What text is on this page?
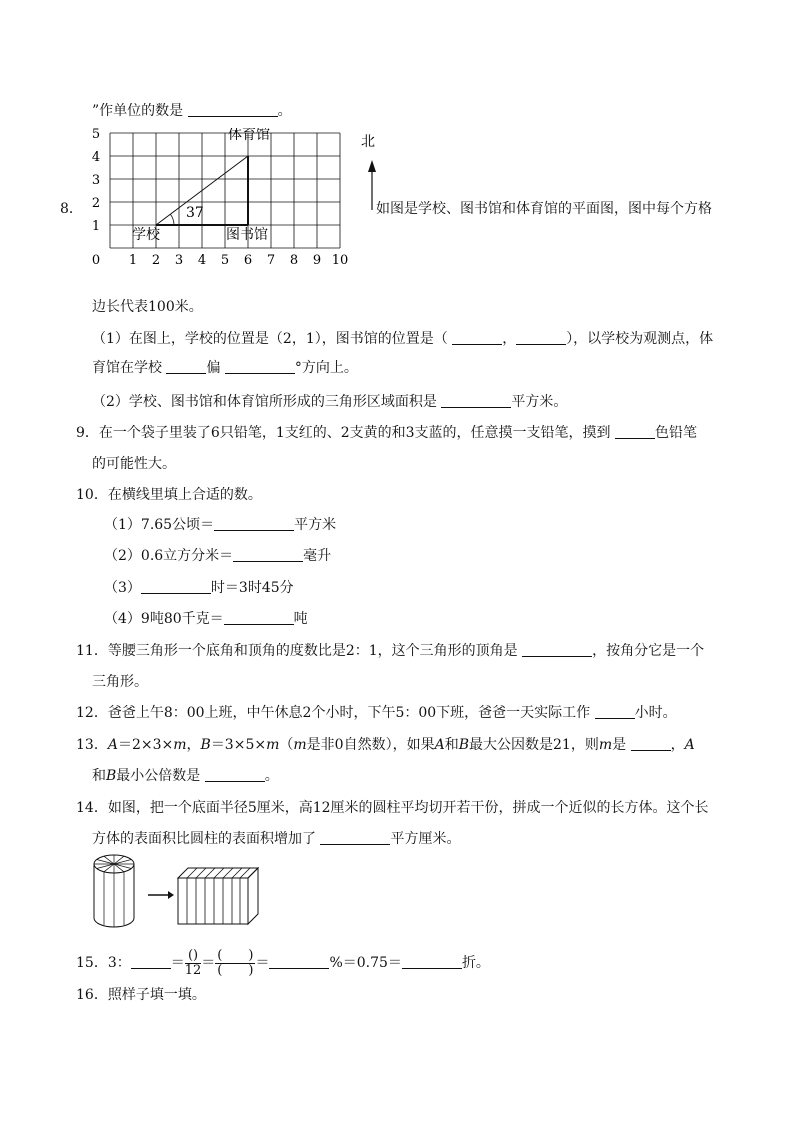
”作单位的数是	。
8．
0 1 2 3 4 5 6 7 8 9 10
1
2
3
4
5
37
学校	图书馆
体育馆	北
如图是学校、图书馆和体育馆的平面图，图中每个方格
边长代表100米。
（1）在图上，学校的位置是（2，1），图书馆的位置是（	，	），以学校为观测点，体
育馆在学校	偏	°方向上。
（2）学校、图书馆和体育馆所形成的三角形区域面积是	平方米。
9．在一个袋子里装了6只铅笔，1支红的、2支黄的和3支蓝的，任意摸一支铅笔，摸到	色铅笔
的可能性大。
10．在横线里填上合适的数。
（1）7.65公顷＝	平方米
（2）0.6立方分米＝	毫升
（3）	时＝3时45分
（4）9吨80千克＝	吨
11．等腰三角形一个底角和顶角的度数比是2：1，这个三角形的顶角是	，按角分它是一个
三角形。
12．爸爸上午8：00上班，中午休息2个小时，下午5：00下班，爸爸一天实际工作	小时。
13．A＝2×3×m，B＝3×5×m（m是非0自然数），如果A和B最大公因数是21，则m是	，A
和B最小公倍数是	。
14．如图，把一个底面半径5厘米，高12厘米的圆柱平均切开若干份，拼成一个近似的长方体。这个长
方体的表面积比圆柱的表面积增加了	平方厘米。
15．3：	＝ $\frac{()}{12} = \frac{( )}{( )}$ ＝	%＝0.75＝	折。
16．照样子填一填。
